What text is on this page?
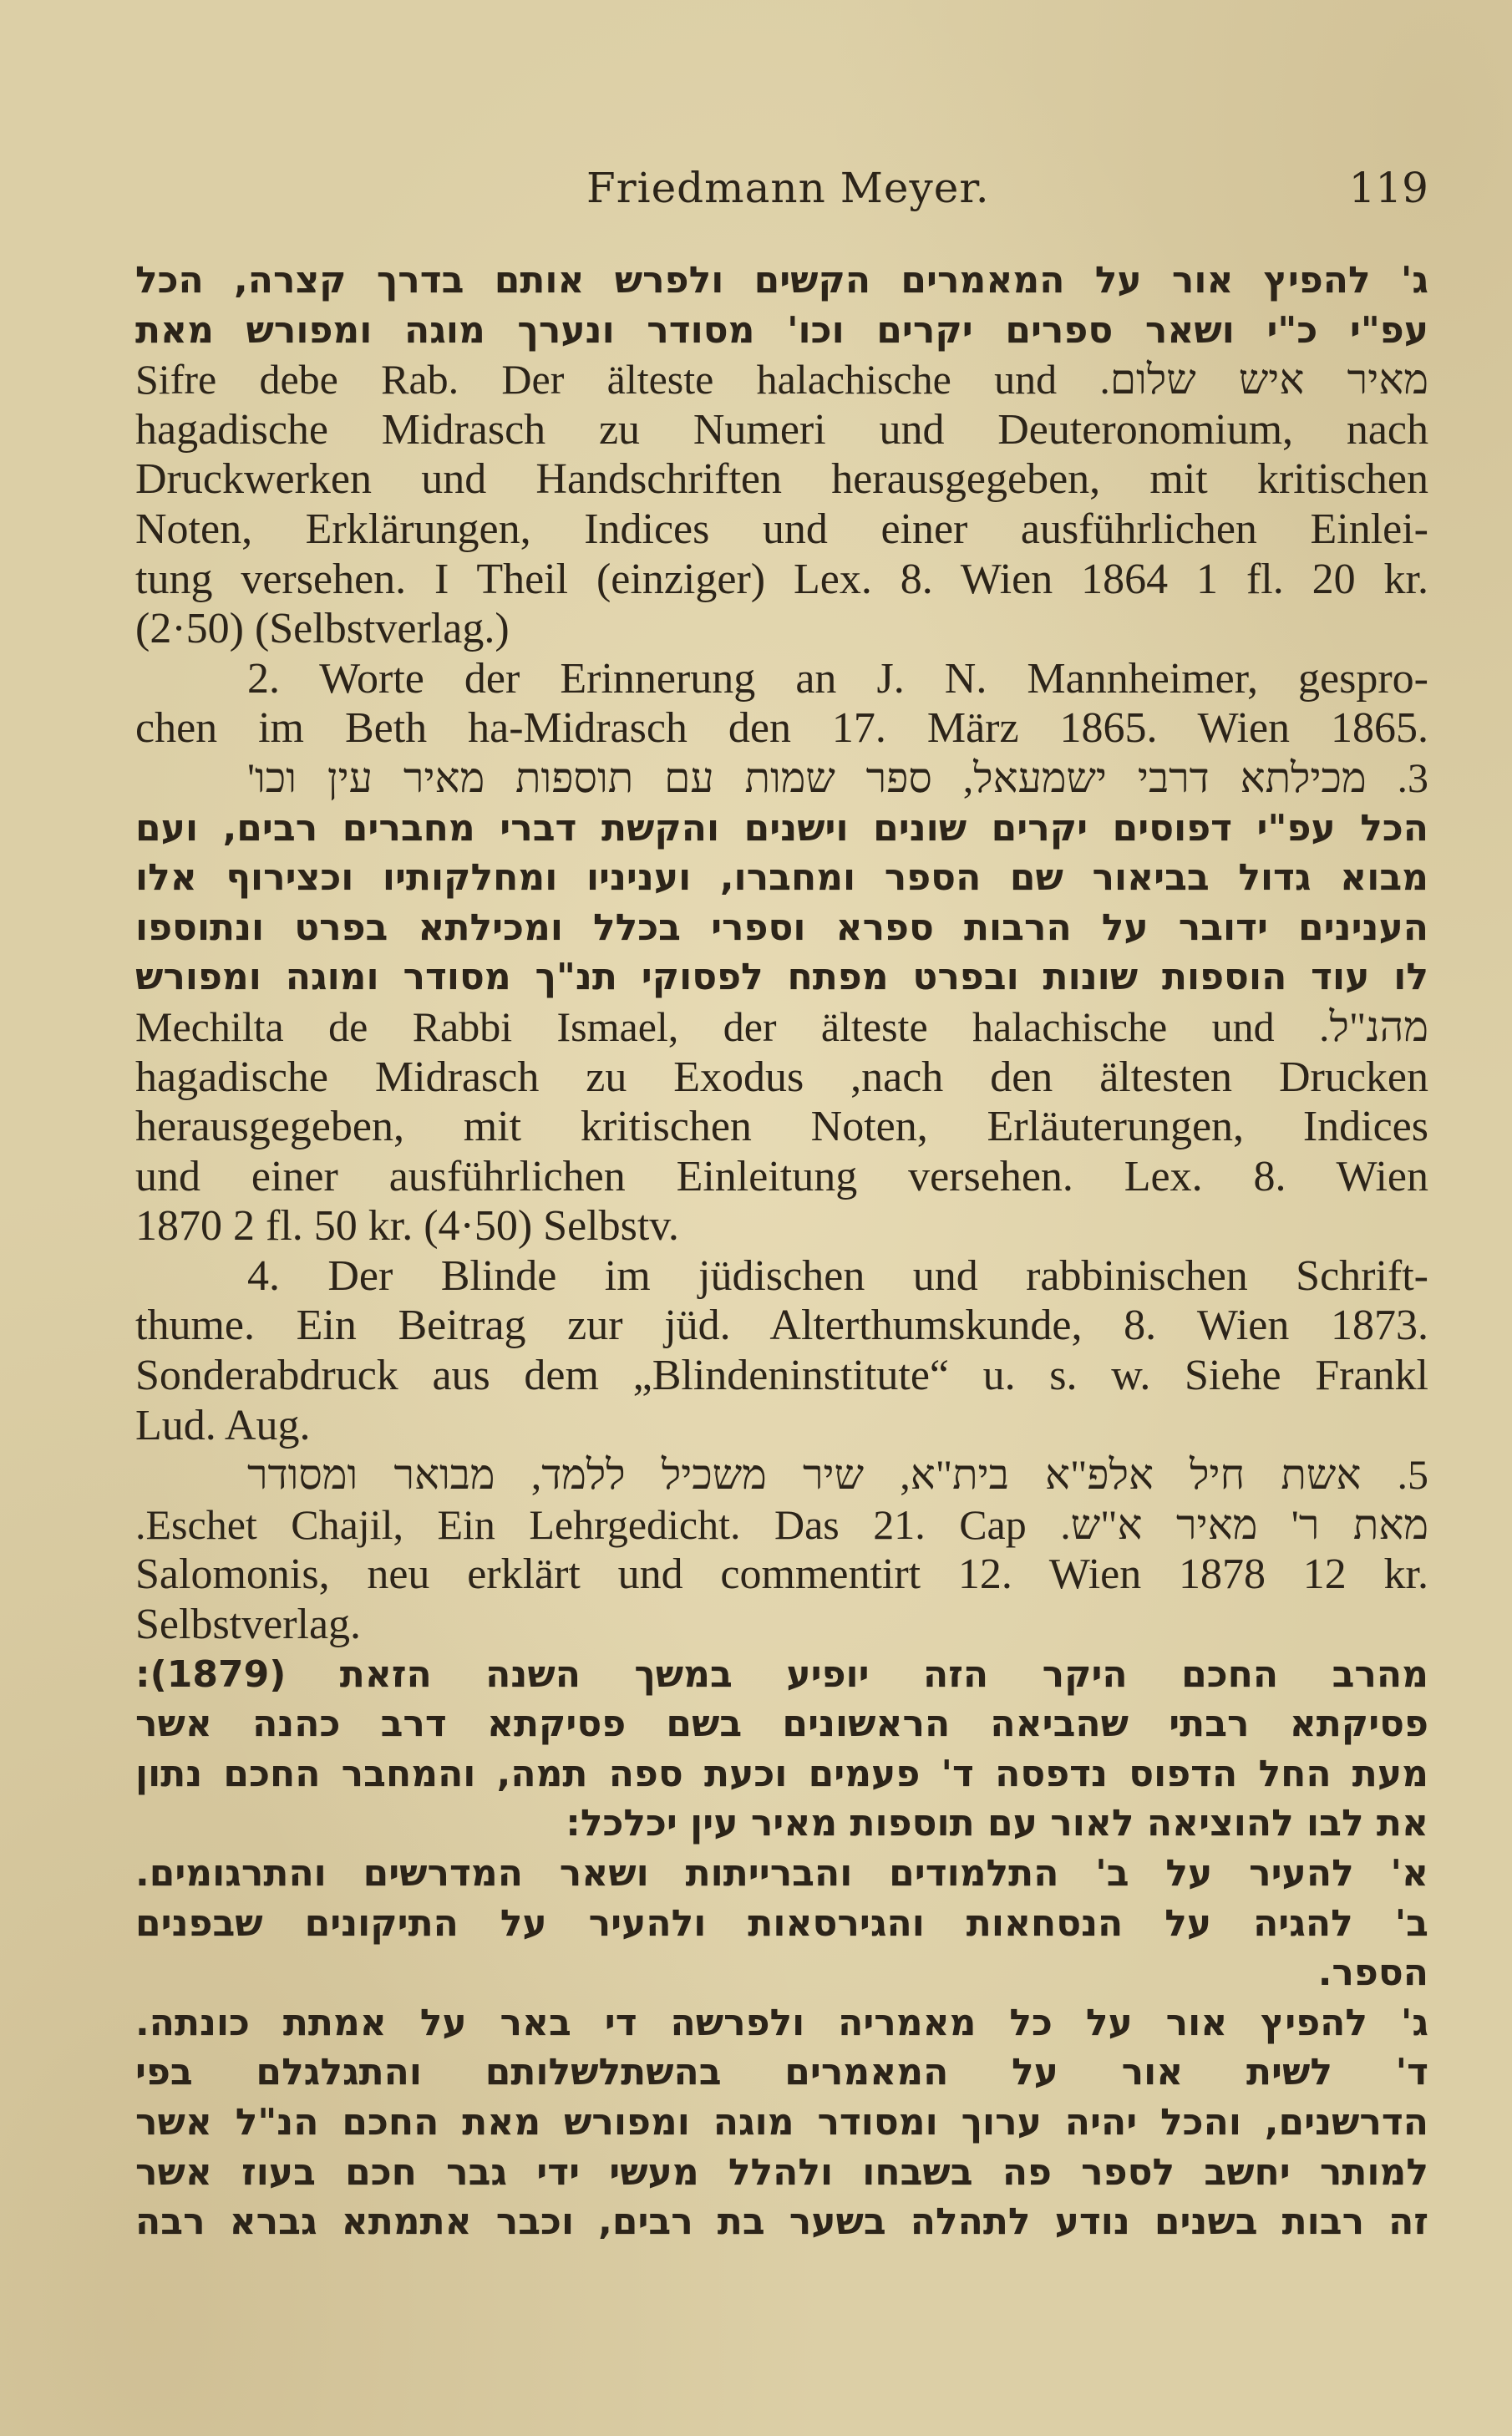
Friedmann Meyer.	119
ג' להפיץ אור על המאמרים הקשים ולפרש אותם בדרך קצרה, הכל
עפ"י כ"י ושאר ספרים יקרים וכו' מסודר ונערך מוגה ומפורש מאת
מאיר איש שלום. Sifre debe Rab. Der älteste halachische und
hagadische Midrasch zu Numeri und Deuteronomium, nach
Druckwerken und Handschriften herausgegeben, mit kritischen
Noten, Erklärungen, Indices und einer ausführlichen Einlei-
tung versehen. I Theil (einziger) Lex. 8. Wien 1864 1 fl. 20 kr.
(2·50) (Selbstverlag.)
2. Worte der Erinnerung an J. N. Mannheimer, gespro-
chen im Beth ha-Midrasch den 17. März 1865. Wien 1865.
3. מכילתא דרבי ישמעאל, ספר שמות עם תוספות מאיר עין וכו'
הכל עפ"י דפוסים יקרים שונים וישנים והקשת דברי מחברים רבים, ועם
מבוא גדול בביאור שם הספר ומחברו, ועניניו ומחלקותיו וכצירוף אלו
הענינים ידובר על הרבות ספרא וספרי בכלל ומכילתא בפרט ונתוספו
לו עוד הוספות שונות ובפרט מפתח לפסוקי תנ"ך מסודר ומוגה ומפורש
מהנ"ל. Mechilta de Rabbi Ismael, der älteste halachische und
hagadische Midrasch zu Exodus ,nach den ältesten Drucken
herausgegeben, mit kritischen Noten, Erläuterungen, Indices
und einer ausführlichen Einleitung versehen. Lex. 8. Wien
1870 2 fl. 50 kr. (4·50) Selbstv.
4. Der Blinde im jüdischen und rabbinischen Schrift-
thume. Ein Beitrag zur jüd. Alterthumskunde, 8. Wien 1873.
Sonderabdruck aus dem „Blindeninstitute“ u. s. w. Siehe Frankl
Lud. Aug.
5. אשת חיל אלפ"א בית"א, שיר משכיל ללמד, מבואר ומסודר
מאת ר' מאיר א"ש. Eschet Chajil, Ein Lehrgedicht. Das 21. Cap.
Salomonis, neu erklärt und commentirt 12. Wien 1878 12 kr.
Selbstverlag.
מהרב החכם היקר הזה יופיע במשך השנה הזאת (1879):
פסיקתא רבתי שהביאה הראשונים בשם פסיקתא דרב כהנה אשר
מעת החל הדפוס נדפסה ד' פעמים וכעת ספה תמה, והמחבר החכם נתון
את לבו להוציאה לאור עם תוספות מאיר עין יכלכל:
א' להעיר על ב' התלמודים והברייתות ושאר המדרשים והתרגומים.
ב' להגיה על הנסחאות והגירסאות ולהעיר על התיקונים שבפנים
הספר.
ג' להפיץ אור על כל מאמריה ולפרשה די באר על אמתת כונתה.
ד' לשית אור על המאמרים בהשתלשלותם והתגלגלם בפי
הדרשנים, והכל יהיה ערוך ומסודר מוגה ומפורש מאת החכם הנ"ל אשר
למותר יחשב לספר פה בשבחו ולהלל מעשי ידי גבר חכם בעוז אשר
זה רבות בשנים נודע לתהלה בשער בת רבים, וכבר אתמתא גברא רבה
